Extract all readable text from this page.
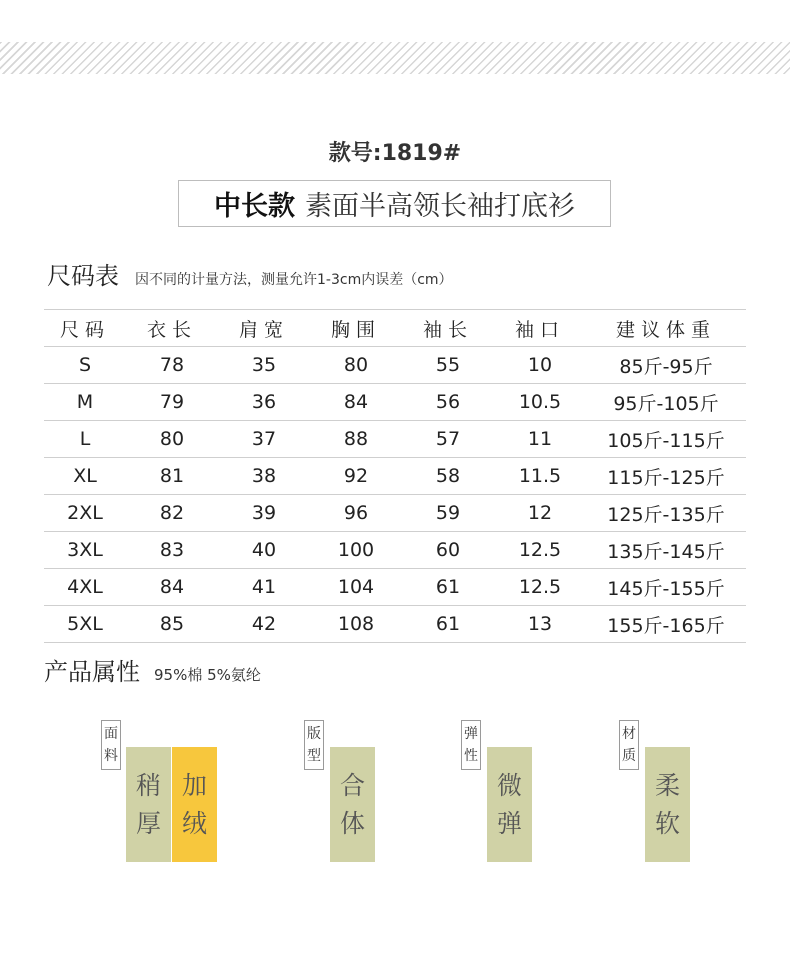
款号:1819#
中长款 素面半高领长袖打底衫
尺码表 因不同的计量方法，测量允许1-3cm内误差（cm）
尺码	衣长	肩宽	胸围	袖长	袖口	建议体重
S	78	35	80	55	10	85斤-95斤
M	79	36	84	56	10.5	95斤-105斤
L	80	37	88	57	11	105斤-115斤
XL	81	38	92	58	11.5	115斤-125斤
2XL	82	39	96	59	12	125斤-135斤
3XL	83	40	100	60	12.5	135斤-145斤
4XL	84	41	104	61	12.5	145斤-155斤
5XL	85	42	108	61	13	155斤-165斤
产品属性 95%棉 5%氨纶
面料
稍厚
加绒
版型
合体
弹性
微弹
材质
柔软
